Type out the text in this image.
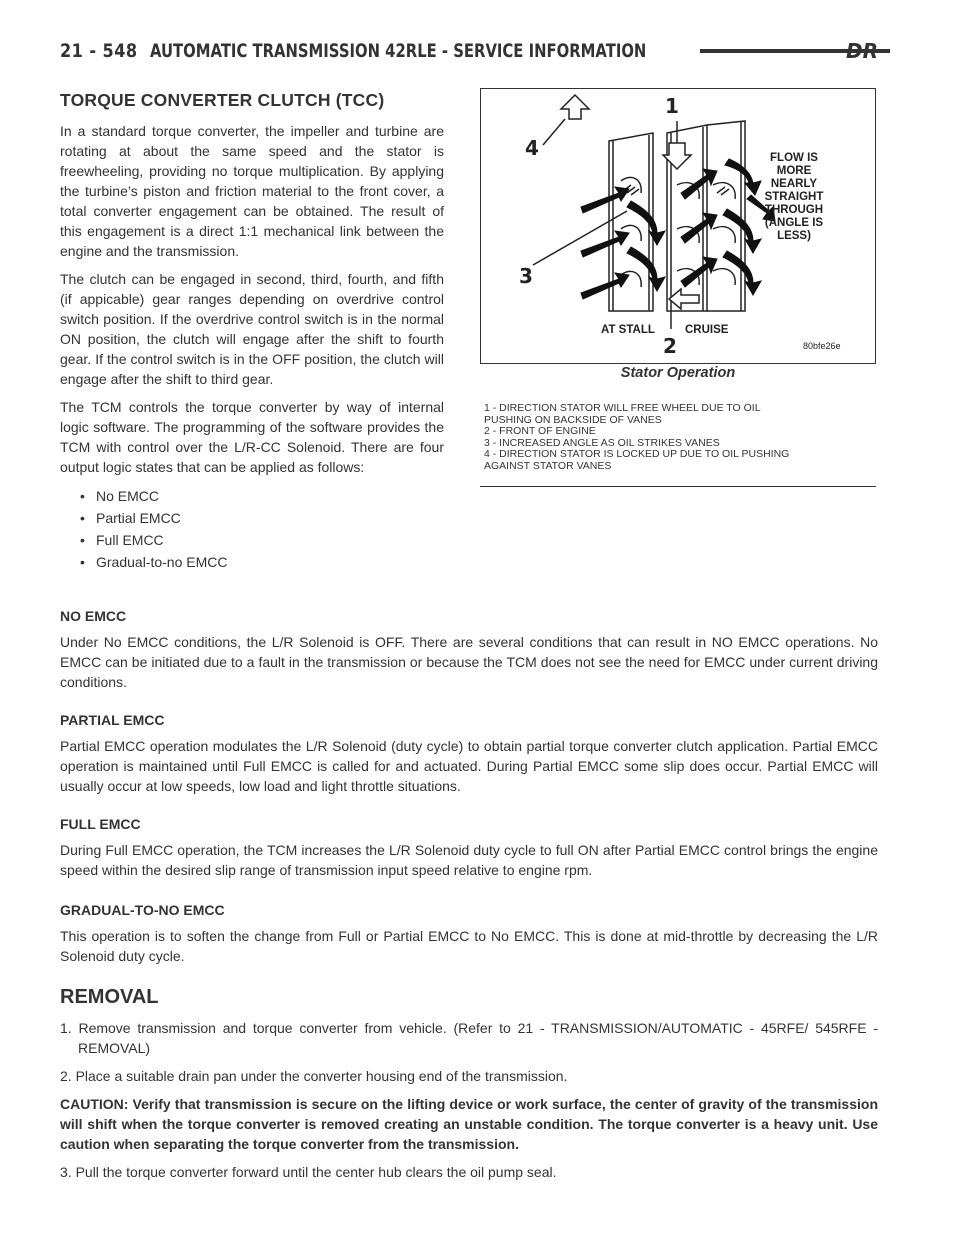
21 - 548 AUTOMATIC TRANSMISSION 42RLE - SERVICE INFORMATION	DR
TORQUE CONVERTER CLUTCH (TCC)

In a standard torque converter, the impeller and turbine are rotating at about the same speed and the stator is freewheeling, providing no torque multiplication. By applying the turbine’s piston and friction material to the front cover, a total converter engagement can be obtained. The result of this engagement is a direct 1:1 mechanical link between the engine and the transmission.

The clutch can be engaged in second, third, fourth, and fifth (if appicable) gear ranges depending on overdrive control switch position. If the overdrive control switch is in the normal ON position, the clutch will engage after the shift to fourth gear. If the control switch is in the OFF position, the clutch will engage after the shift to third gear.

The TCM controls the torque converter by way of internal logic software. The programming of the software provides the TCM with control over the L/R-CC Solenoid. There are four output logic states that can be applied as follows:

• No EMCC
• Partial EMCC
• Full EMCC
• Gradual-to-no EMCC
1
4
3
2
FLOW IS
MORE
NEARLY
STRAIGHT
THROUGH
(ANGLE IS
LESS)
AT STALL	CRUISE
80bfe26e
Stator Operation
1 - DIRECTION STATOR WILL FREE WHEEL DUE TO OIL
PUSHING ON BACKSIDE OF VANES
2 - FRONT OF ENGINE
3 - INCREASED ANGLE AS OIL STRIKES VANES
4 - DIRECTION STATOR IS LOCKED UP DUE TO OIL PUSHING
AGAINST STATOR VANES
NO EMCC

Under No EMCC conditions, the L/R Solenoid is OFF. There are several conditions that can result in NO EMCC operations. No EMCC can be initiated due to a fault in the transmission or because the TCM does not see the need for EMCC under current driving conditions.

PARTIAL EMCC

Partial EMCC operation modulates the L/R Solenoid (duty cycle) to obtain partial torque converter clutch application. Partial EMCC operation is maintained until Full EMCC is called for and actuated. During Partial EMCC some slip does occur. Partial EMCC will usually occur at low speeds, low load and light throttle situations.

FULL EMCC

During Full EMCC operation, the TCM increases the L/R Solenoid duty cycle to full ON after Partial EMCC control brings the engine speed within the desired slip range of transmission input speed relative to engine rpm.

GRADUAL-TO-NO EMCC

This operation is to soften the change from Full or Partial EMCC to No EMCC. This is done at mid-throttle by decreasing the L/R Solenoid duty cycle.

REMOVAL

1. Remove transmission and torque converter from vehicle. (Refer to 21 - TRANSMISSION/AUTOMATIC - 45RFE/ 545RFE - REMOVAL)

2. Place a suitable drain pan under the converter housing end of the transmission.

CAUTION: Verify that transmission is secure on the lifting device or work surface, the center of gravity of the transmission will shift when the torque converter is removed creating an unstable condition. The torque converter is a heavy unit. Use caution when separating the torque converter from the transmission.

3. Pull the torque converter forward until the center hub clears the oil pump seal.
